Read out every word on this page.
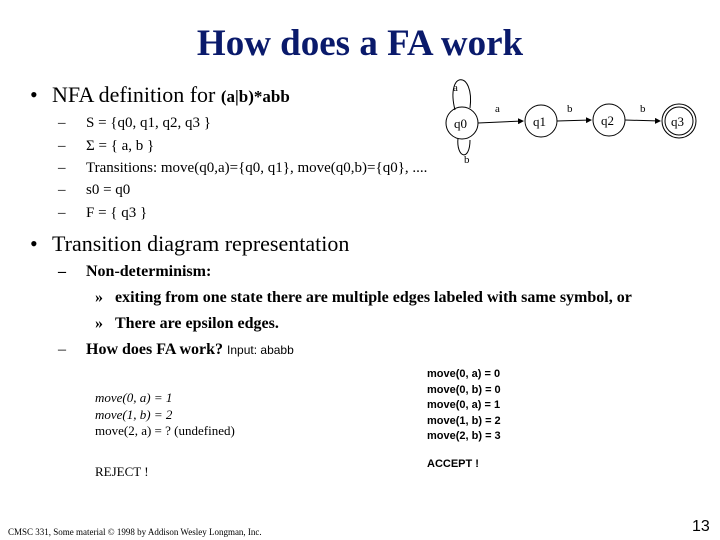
How does a FA work
• NFA definition for (a|b)*abb
– S = {q0, q1, q2, q3 }
– Σ = { a, b }
– Transitions: move(q0,a)={q0, q1}, move(q0,b)={q0}, ....
– s0 = q0
– F = { q3 }
a
b
q0	q1	q2	q3
a	b	b
• Transition diagram representation
– Non-determinism:
» exiting from one state there are multiple edges labeled with same symbol, or
» There are epsilon edges.
– How does FA work? Input: ababb
move(0, a) = 1
move(1, b) = 2
move(2, a) = ? (undefined)
REJECT !
move(0, a) = 0
move(0, b) = 0
move(0, a) = 1
move(1, b) = 2
move(2, b) = 3
ACCEPT !
CMSC 331, Some material © 1998 by Addison Wesley Longman, Inc.	13
